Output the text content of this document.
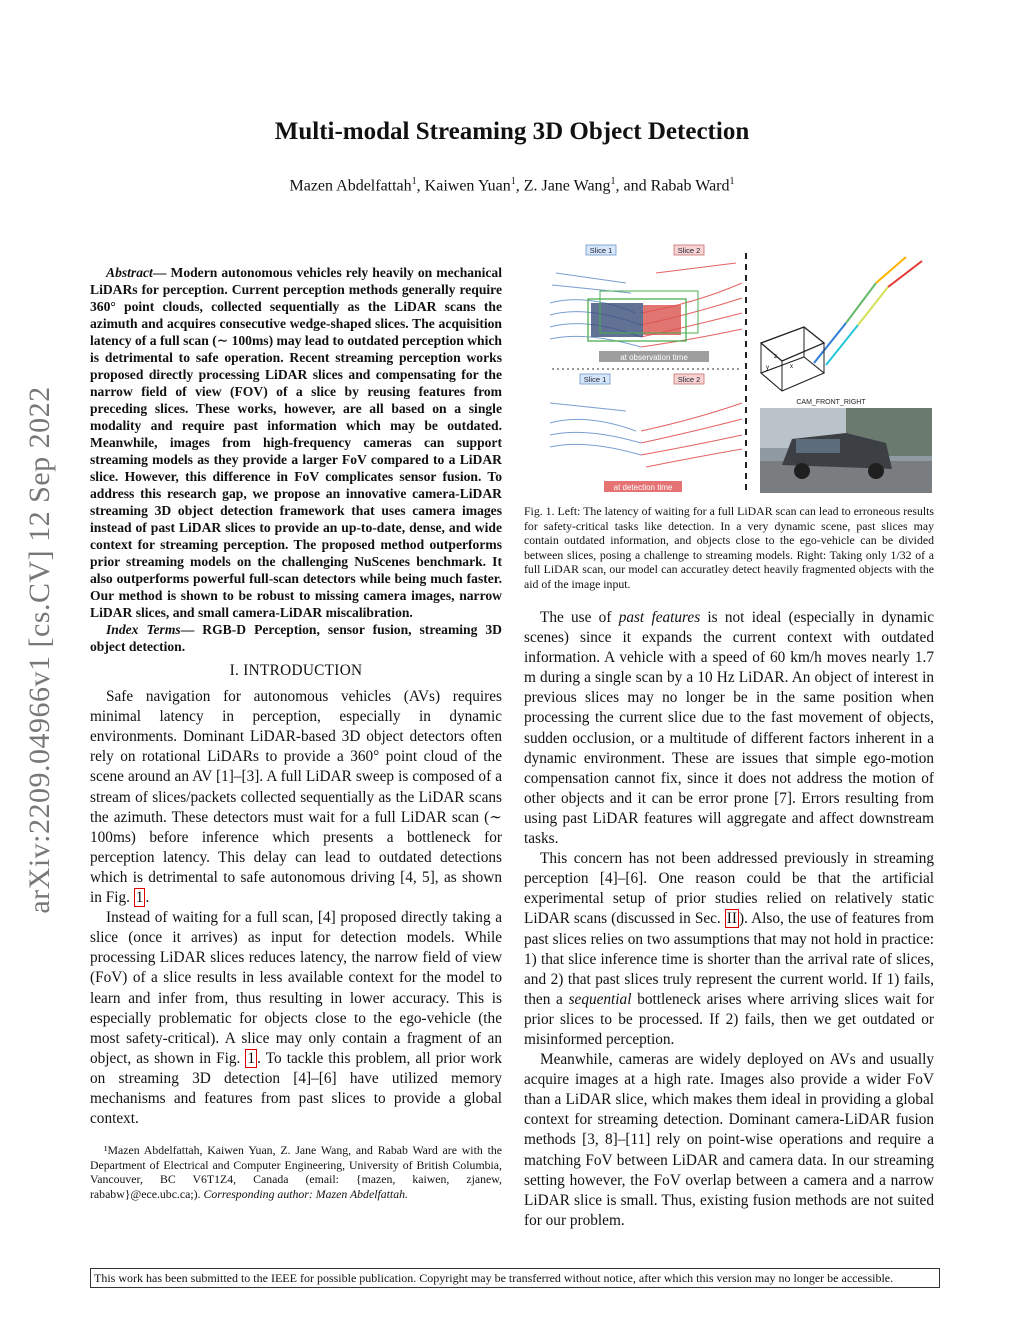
arXiv:2209.04966v1 [cs.CV] 12 Sep 2022
Multi-modal Streaming 3D Object Detection
Mazen Abdelfattah$^1$, Kaiwen Yuan$^1$, Z. Jane Wang$^1$, and Rabab Ward$^1$

Abstract— Modern autonomous vehicles rely heavily on mechanical LiDARs for perception. Current perception methods generally require 360° point clouds, collected sequentially as the LiDAR scans the azimuth and acquires consecutive wedge-shaped slices. The acquisition latency of a full scan (∼ 100ms) may lead to outdated perception which is detrimental to safe operation. Recent streaming perception works proposed directly processing LiDAR slices and compensating for the narrow field of view (FOV) of a slice by reusing features from preceding slices. These works, however, are all based on a single modality and require past information which may be outdated. Meanwhile, images from high-frequency cameras can support streaming models as they provide a larger FoV compared to a LiDAR slice. However, this difference in FoV complicates sensor fusion. To address this research gap, we propose an innovative camera-LiDAR streaming 3D object detection framework that uses camera images instead of past LiDAR slices to provide an up-to-date, dense, and wide context for streaming perception. The proposed method outperforms prior streaming models on the challenging NuScenes benchmark. It also outperforms powerful full-scan detectors while being much faster. Our method is shown to be robust to missing camera images, narrow LiDAR slices, and small camera-LiDAR miscalibration.

Index Terms— RGB-D Perception, sensor fusion, streaming 3D object detection.

I. INTRODUCTION

Safe navigation for autonomous vehicles (AVs) requires minimal latency in perception, especially in dynamic environments. Dominant LiDAR-based 3D object detectors often rely on rotational LiDARs to provide a 360° point cloud of the scene around an AV [1]–[3]. A full LiDAR sweep is composed of a stream of slices/packets collected sequentially as the LiDAR scans the azimuth. These detectors must wait for a full LiDAR scan (∼ 100ms) before inference which presents a bottleneck for perception latency. This delay can lead to outdated detections which is detrimental to safe autonomous driving [4, 5], as shown in Fig. 1 .

Instead of waiting for a full scan, [4] proposed directly taking a slice (once it arrives) as input for detection models. While processing LiDAR slices reduces latency, the narrow field of view (FoV) of a slice results in less available context for the model to learn and infer from, thus resulting in lower accuracy. This is especially problematic for objects close to the ego-vehicle (the most safety-critical). A slice may only contain a fragment of an object, as shown in Fig. 1 . To tackle this problem, all prior work on streaming 3D detection [4]–[6] have utilized memory mechanisms and features from past slices to provide a global context.

¹Mazen Abdelfattah, Kaiwen Yuan, Z. Jane Wang, and Rabab Ward are with the Department of Electrical and Computer Engineering, University of British Columbia, Vancouver, BC V6T1Z4, Canada (email: {mazen, kaiwen, zjanew, rababw}@ece.ubc.ca;). Corresponding author: Mazen Abdelfattah.

Slice 1	Slice 2
at observation time
Slice 1	Slice 2
at detection time
z
x
y
CAM_FRONT_RIGHT
Fig. 1. Left: The latency of waiting for a full LiDAR scan can lead to erroneous results for safety-critical tasks like detection. In a very dynamic scene, past slices may contain outdated information, and objects close to the ego-vehicle can be divided between slices, posing a challenge to streaming models. Right: Taking only 1/32 of a full LiDAR scan, our model can accuratley detect heavily fragmented objects with the aid of the image input.

The use of past features is not ideal (especially in dynamic scenes) since it expands the current context with outdated information. A vehicle with a speed of 60 km/h moves nearly 1.7 m during a single scan by a 10 Hz LiDAR. An object of interest in previous slices may no longer be in the same position when processing the current slice due to the fast movement of objects, sudden occlusion, or a multitude of different factors inherent in a dynamic environment. These are issues that simple ego-motion compensation cannot fix, since it does not address the motion of other objects and it can be error prone [7]. Errors resulting from using past LiDAR features will aggregate and affect downstream tasks.

This concern has not been addressed previously in streaming perception [4]–[6]. One reason could be that the artificial experimental setup of prior studies relied on relatively static LiDAR scans (discussed in Sec. II ). Also, the use of features from past slices relies on two assumptions that may not hold in practice: 1) that slice inference time is shorter than the arrival rate of slices, and 2) that past slices truly represent the current world. If 1) fails, then a sequential bottleneck arises where arriving slices wait for prior slices to be processed. If 2) fails, then we get outdated or misinformed perception.

Meanwhile, cameras are widely deployed on AVs and usually acquire images at a high rate. Images also provide a wider FoV than a LiDAR slice, which makes them ideal in providing a global context for streaming detection. Dominant camera-LiDAR fusion methods [3, 8]–[11] rely on point-wise operations and require a matching FoV between LiDAR and camera data. In our streaming setting however, the FoV overlap between a camera and a narrow LiDAR slice is small. Thus, existing fusion methods are not suited for our problem.

This work has been submitted to the IEEE for possible publication. Copyright may be transferred without notice, after which this version may no longer be accessible.
